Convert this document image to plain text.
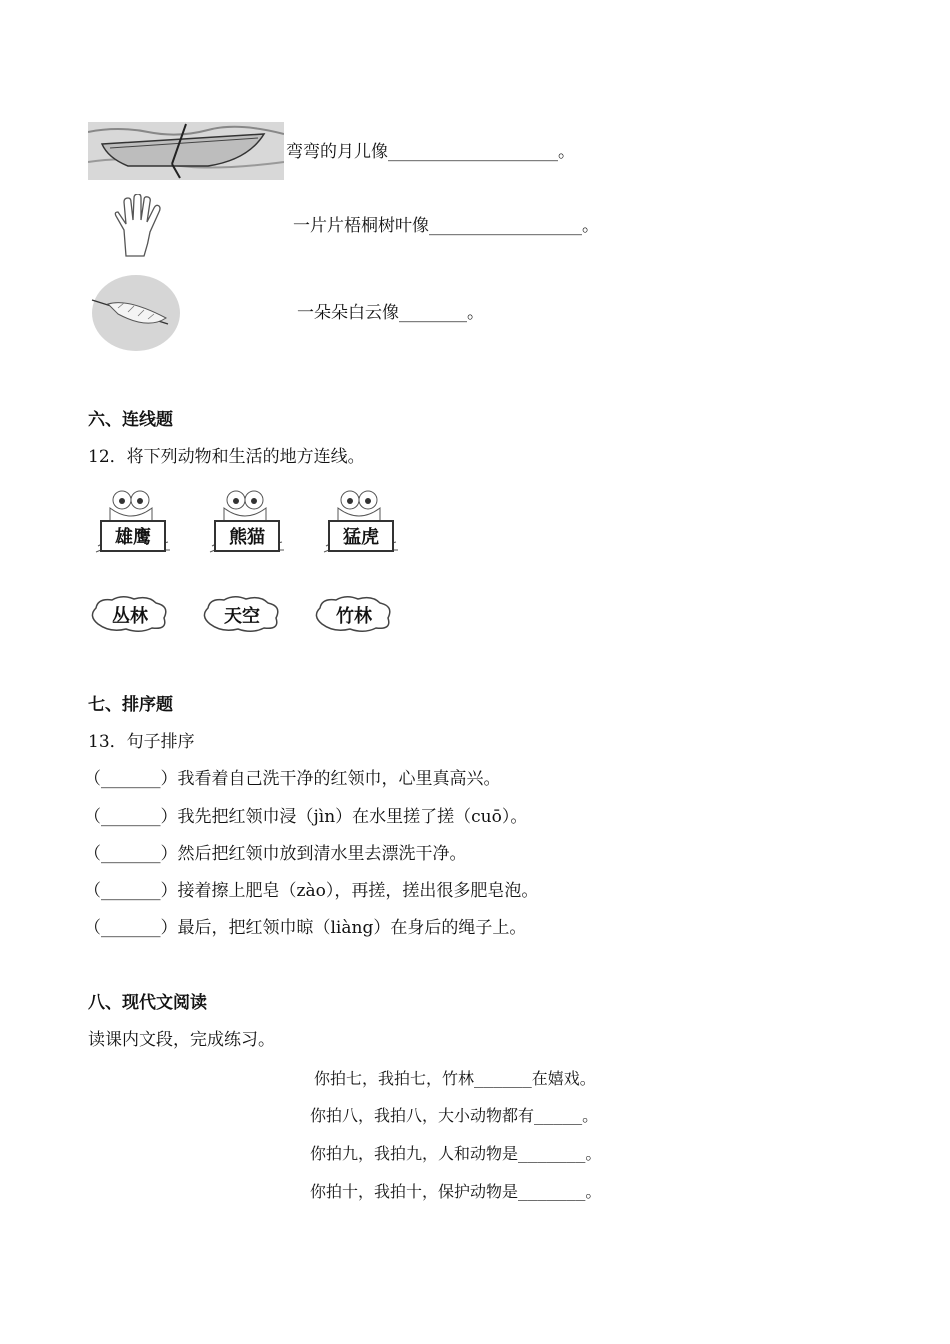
弯弯的月儿像____________________。
一片片梧桐树叶像__________________。
一朵朵白云像________。
六、连线题
12．将下列动物和生活的地方连线。
雄鹰	熊猫	猛虎
丛林	天空	竹林
七、排序题
13．句子排序
（_______）我看着自己洗干净的红领巾，心里真高兴。
（_______）我先把红领巾浸（jìn）在水里搓了搓（cuō）。
（_______）然后把红领巾放到清水里去漂洗干净。
（_______）接着擦上肥皂（zào），再搓，搓出很多肥皂泡。
（_______）最后，把红领巾晾（liàng）在身后的绳子上。
八、现代文阅读
读课内文段，完成练习。
你拍七，我拍七，竹林______在嬉戏。
你拍八，我拍八，大小动物都有_____。
你拍九，我拍九，人和动物是_______。
你拍十，我拍十，保护动物是_______。
